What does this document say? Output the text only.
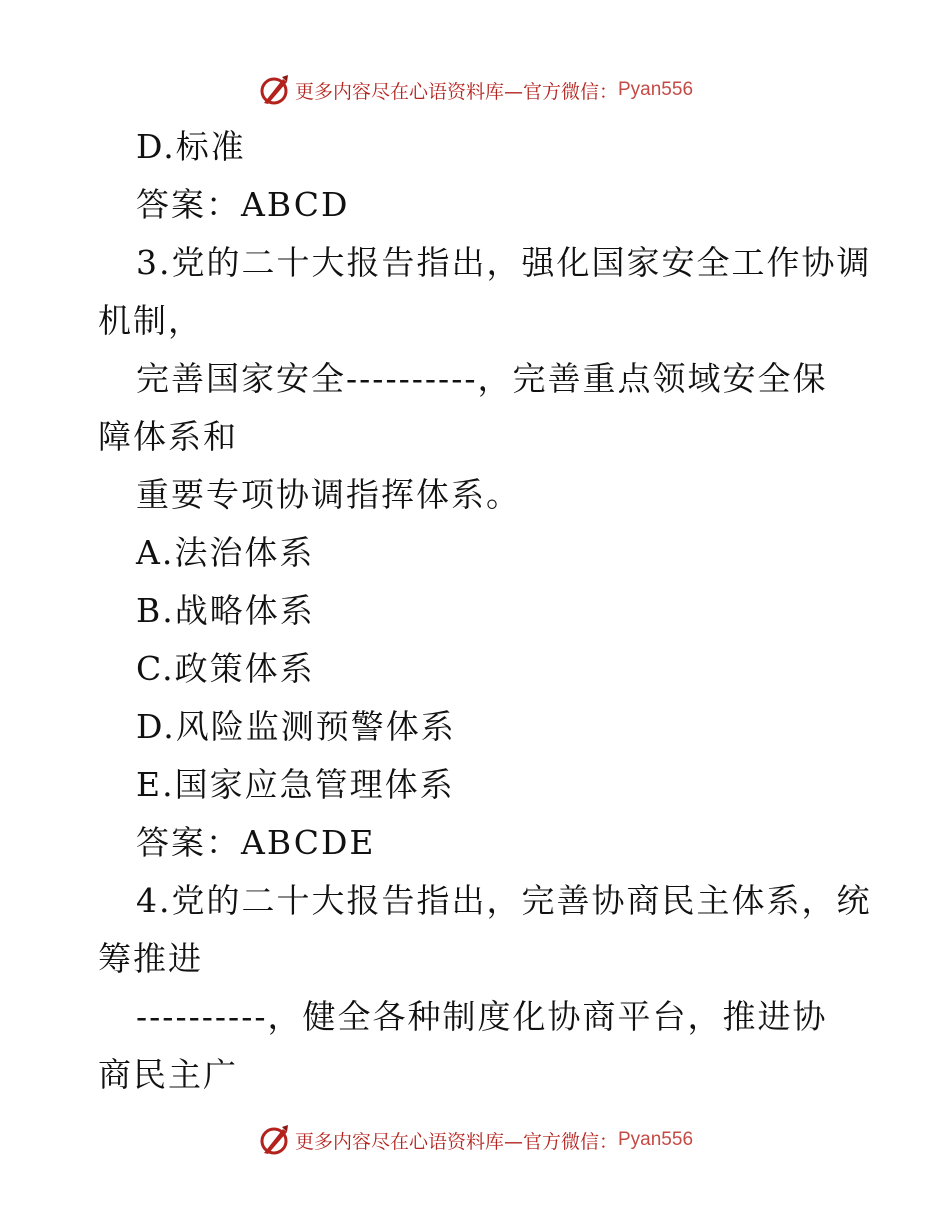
更多内容尽在心语资料库—官方微信： Pyan556
D.标准
答案：ABCD
3.党的二十大报告指出，强化国家安全工作协调
机制，
完善国家安全----------，完善重点领域安全保
障体系和
重要专项协调指挥体系。
A.法治体系
B.战略体系
C.政策体系
D.风险监测预警体系
E.国家应急管理体系
答案：ABCDE
4.党的二十大报告指出，完善协商民主体系，统
筹推进
----------，健全各种制度化协商平台，推进协
商民主广
更多内容尽在心语资料库—官方微信： Pyan556
